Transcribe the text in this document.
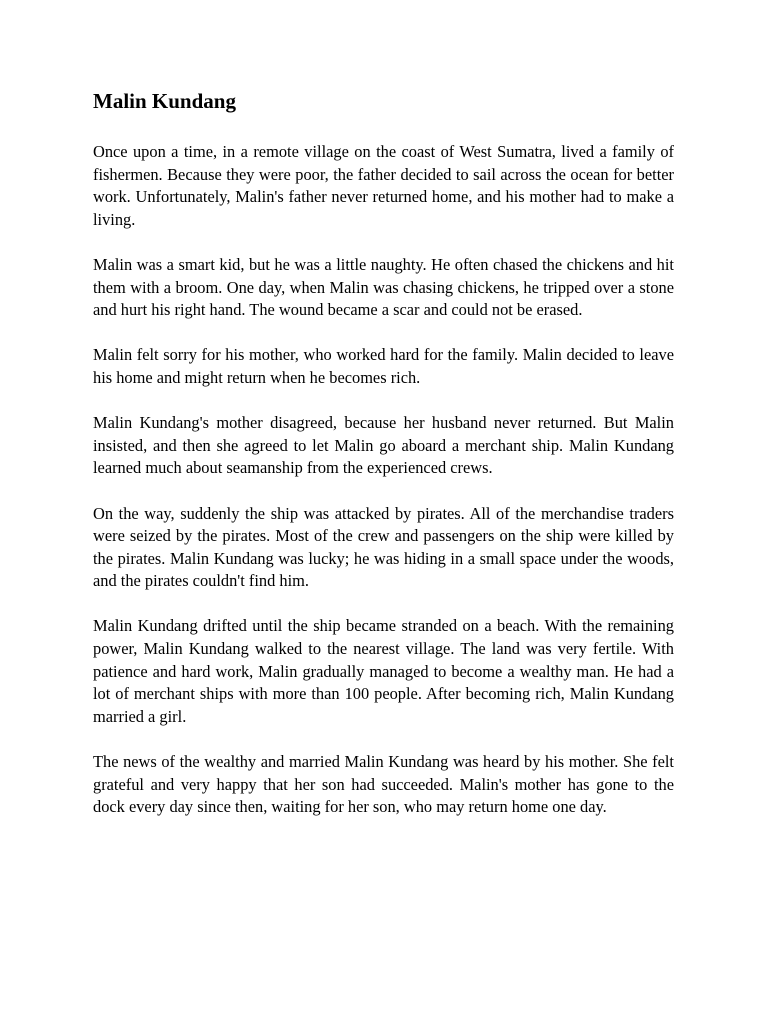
Malin Kundang

Once upon a time, in a remote village on the coast of West Sumatra, lived a family of fishermen. Because they were poor, the father decided to sail across the ocean for better work. Unfortunately, Malin's father never returned home, and his mother had to make a living.

Malin was a smart kid, but he was a little naughty. He often chased the chickens and hit them with a broom. One day, when Malin was chasing chickens, he tripped over a stone and hurt his right hand. The wound became a scar and could not be erased.

Malin felt sorry for his mother, who worked hard for the family. Malin decided to leave his home and might return when he becomes rich.

Malin Kundang's mother disagreed, because her husband never returned. But Malin insisted, and then she agreed to let Malin go aboard a merchant ship. Malin Kundang learned much about seamanship from the experienced crews.

On the way, suddenly the ship was attacked by pirates. All of the merchandise traders were seized by the pirates. Most of the crew and passengers on the ship were killed by the pirates. Malin Kundang was lucky; he was hiding in a small space under the woods, and the pirates couldn't find him.

Malin Kundang drifted until the ship became stranded on a beach. With the remaining power, Malin Kundang walked to the nearest village. The land was very fertile. With patience and hard work, Malin gradually managed to become a wealthy man. He had a lot of merchant ships with more than 100 people. After becoming rich, Malin Kundang married a girl.

The news of the wealthy and married Malin Kundang was heard by his mother. She felt grateful and very happy that her son had succeeded. Malin's mother has gone to the dock every day since then, waiting for her son, who may return home one day.
